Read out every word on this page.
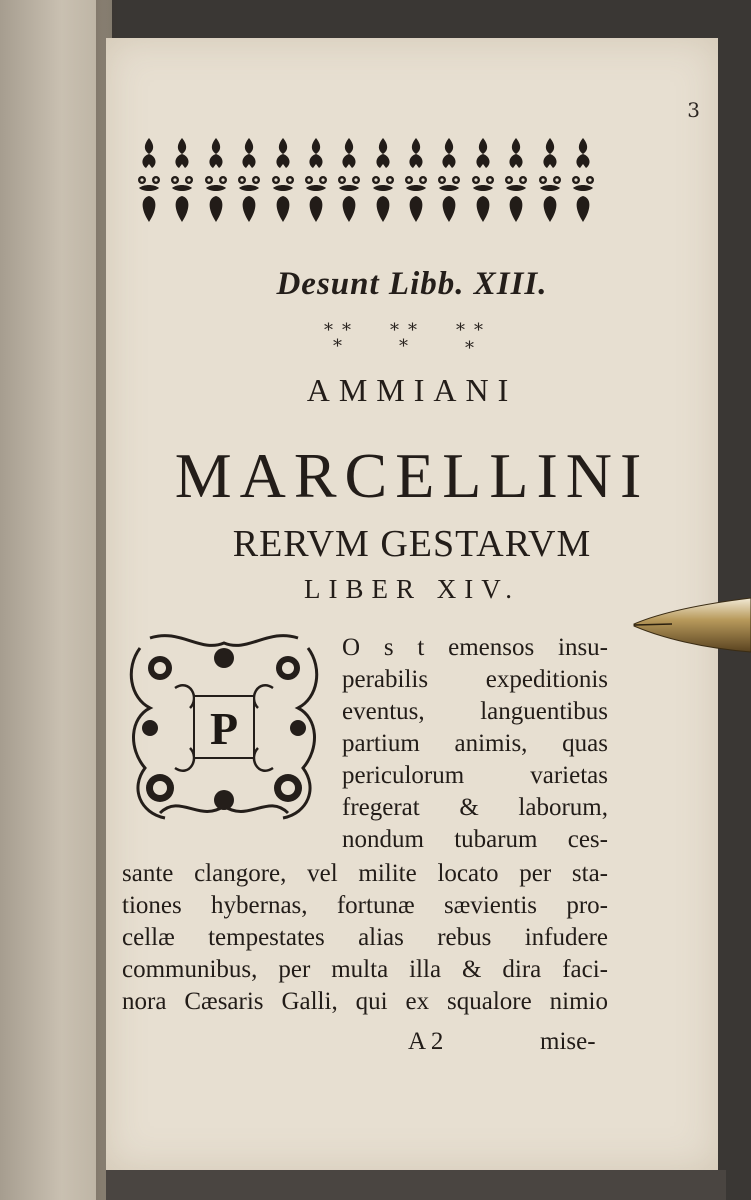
3
Desunt Libb. XIII.
* *
*
* *
*
* *
*
AMMIANI
MARCELLINI
RERVM GESTARVM
LIBER XIV.
P
O s t emensos insu-
perabilis expeditionis
eventus, languentibus
partium animis, quas
periculorum varietas
fregerat & laborum,
nondum tubarum ces-
sante clangore, vel milite locato per sta-
tiones hybernas, fortunæ sævientis pro-
cellæ tempestates alias rebus infudere
communibus, per multa illa & dira faci-
nora Cæsaris Galli, qui ex squalore nimio
A 2	mise-
